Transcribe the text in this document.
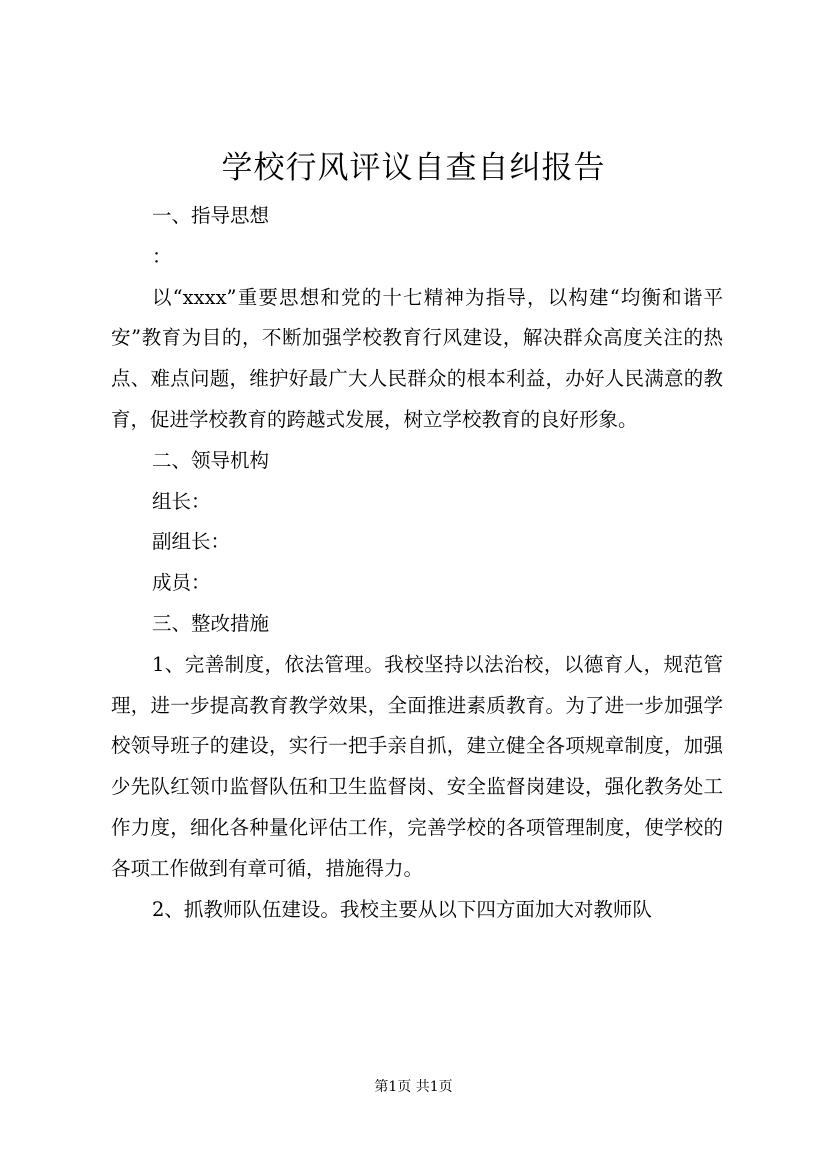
学校行风评议自查自纠报告

一、指导思想

：

以“xxxx”重要思想和党的十七精神为指导，以构建“均衡和谐平安”教育为目的，不断加强学校教育行风建设，解决群众高度关注的热点、难点问题，维护好最广大人民群众的根本利益，办好人民满意的教育，促进学校教育的跨越式发展，树立学校教育的良好形象。

二、领导机构

组长：

副组长：

成员：

三、整改措施

1、完善制度，依法管理。我校坚持以法治校，以德育人，规范管理，进一步提高教育教学效果，全面推进素质教育。为了进一步加强学校领导班子的建设，实行一把手亲自抓，建立健全各项规章制度，加强少先队红领巾监督队伍和卫生监督岗、安全监督岗建设，强化教务处工作力度，细化各种量化评估工作，完善学校的各项管理制度，使学校的各项工作做到有章可循，措施得力。

2、抓教师队伍建设。我校主要从以下四方面加大对教师队

第1页 共1页
